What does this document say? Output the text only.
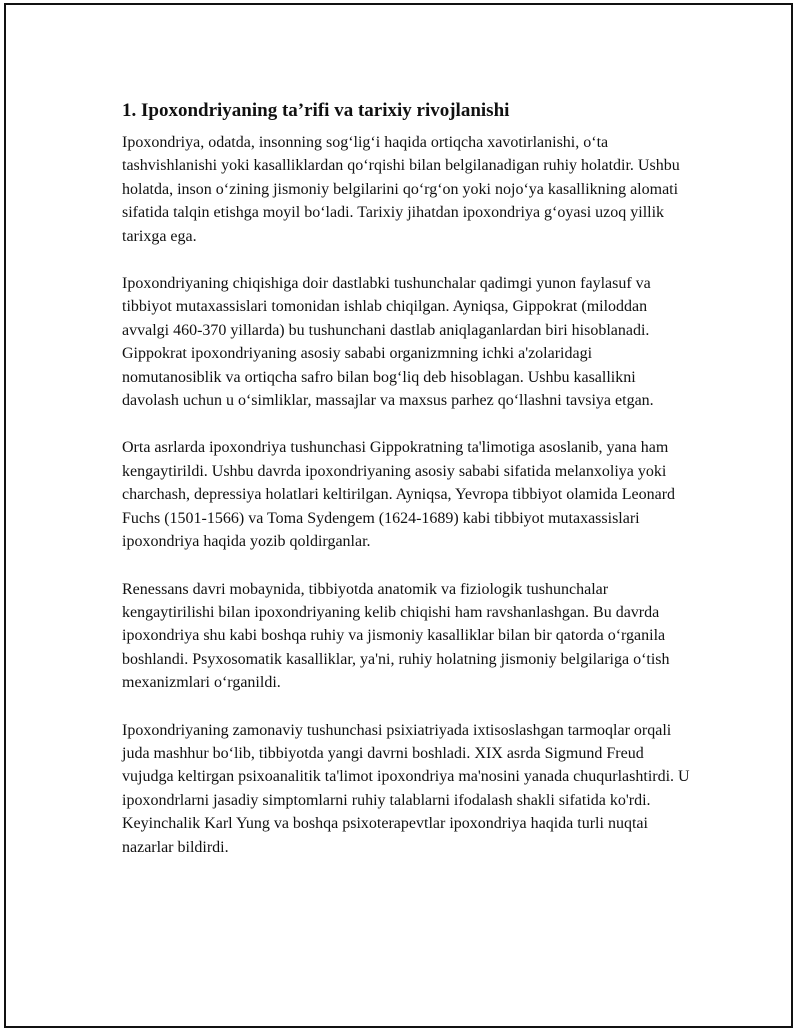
1. Ipoxondriyaning ta’rifi va tarixiy rivojlanishi

Ipoxondriya, odatda, insonning sog‘lig‘i haqida ortiqcha xavotirlanishi, o‘ta tashvishlanishi yoki kasalliklardan qo‘rqishi bilan belgilanadigan ruhiy holatdir. Ushbu holatda, inson o‘zining jismoniy belgilarini qo‘rg‘on yoki nojo‘ya kasallikning alomati sifatida talqin etishga moyil bo‘ladi. Tarixiy jihatdan ipoxondriya g‘oyasi uzoq yillik tarixga ega.

Ipoxondriyaning chiqishiga doir dastlabki tushunchalar qadimgi yunon faylasuf va tibbiyot mutaxassislari tomonidan ishlab chiqilgan. Ayniqsa, Gippokrat (miloddan avvalgi 460-370 yillarda) bu tushunchani dastlab aniqlaganlardan biri hisoblanadi. Gippokrat ipoxondriyaning asosiy sababi organizmning ichki a'zolaridagi nomutanosiblik va ortiqcha safro bilan bog‘liq deb hisoblagan. Ushbu kasallikni davolash uchun u o‘simliklar, massajlar va maxsus parhez qo‘llashni tavsiya etgan.

Orta asrlarda ipoxondriya tushunchasi Gippokratning ta'limotiga asoslanib, yana ham kengaytirildi. Ushbu davrda ipoxondriyaning asosiy sababi sifatida melanxoliya yoki charchash, depressiya holatlari keltirilgan. Ayniqsa, Yevropa tibbiyot olamida Leonard Fuchs (1501-1566) va Toma Sydengem (1624-1689) kabi tibbiyot mutaxassislari ipoxondriya haqida yozib qoldirganlar.

Renessans davri mobaynida, tibbiyotda anatomik va fiziologik tushunchalar kengaytirilishi bilan ipoxondriyaning kelib chiqishi ham ravshanlashgan. Bu davrda ipoxondriya shu kabi boshqa ruhiy va jismoniy kasalliklar bilan bir qatorda o‘rganila boshlandi. Psyxosomatik kasalliklar, ya'ni, ruhiy holatning jismoniy belgilariga o‘tish mexanizmlari o‘rganildi.

Ipoxondriyaning zamonaviy tushunchasi psixiatriyada ixtisoslashgan tarmoqlar orqali juda mashhur bo‘lib, tibbiyotda yangi davrni boshladi. XIX asrda Sigmund Freud vujudga keltirgan psixoanalitik ta'limot ipoxondriya ma'nosini yanada chuqurlashtirdi. U ipoxondrlarni jasadiy simptomlarni ruhiy talablarni ifodalash shakli sifatida ko'rdi. Keyinchalik Karl Yung va boshqa psixoterapevtlar ipoxondriya haqida turli nuqtai nazarlar bildirdi.
